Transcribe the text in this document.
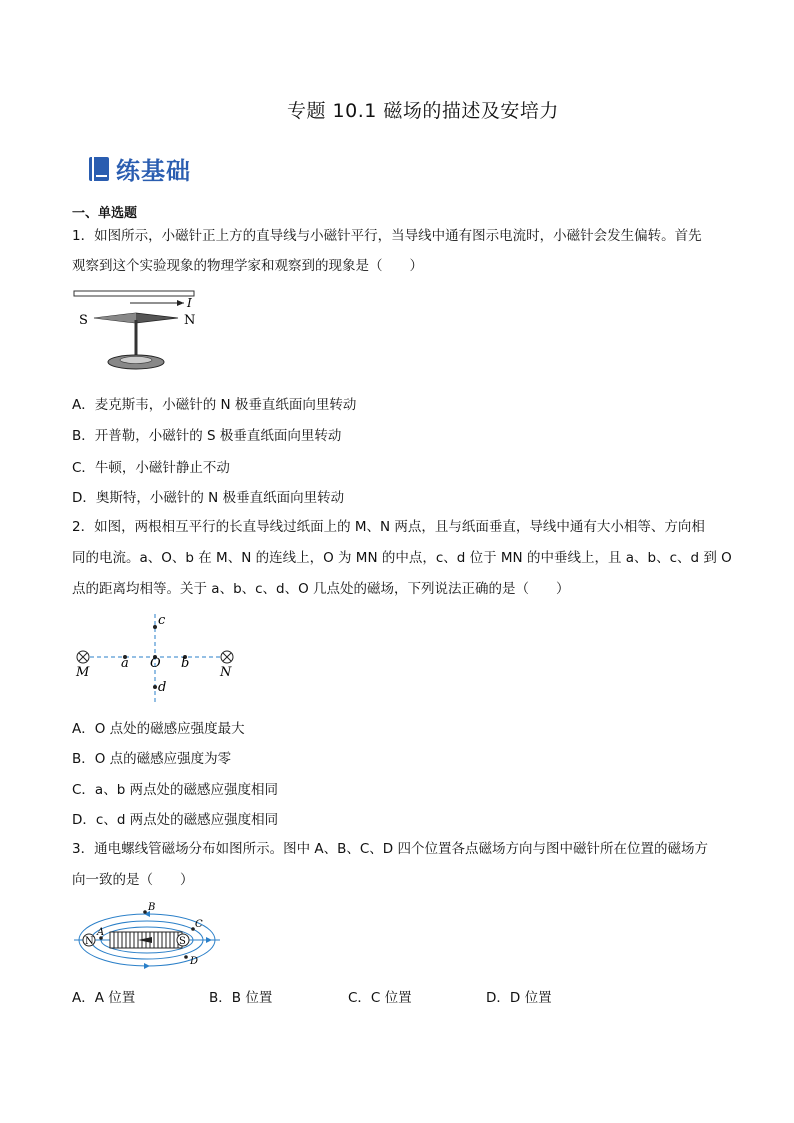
专题 10.1 磁场的描述及安培力
练基础
一、单选题
1．如图所示，小磁针正上方的直导线与小磁针平行，当导线中通有图示电流时，小磁针会发生偏转。首先
观察到这个实验现象的物理学家和观察到的现象是（　　）
I
S	N
A．麦克斯韦，小磁针的 N 极垂直纸面向里转动
B．开普勒，小磁针的 S 极垂直纸面向里转动
C．牛顿，小磁针静止不动
D．奥斯特，小磁针的 N 极垂直纸面向里转动
2．如图，两根相互平行的长直导线过纸面上的 M、N 两点，且与纸面垂直，导线中通有大小相等、方向相
同的电流。a、O、b 在 M、N 的连线上，O 为 MN 的中点，c、d 位于 MN 的中垂线上，且 a、b、c、d 到 O
点的距离均相等。关于 a、b、c、d、O 几点处的磁场，下列说法正确的是（　　）
M	N
a O b
c
d
A．O 点处的磁感应强度最大
B．O 点的磁感应强度为零
C．a、b 两点处的磁感应强度相同
D．c、d 两点处的磁感应强度相同
3．通电螺线管磁场分布如图所示。图中 A、B、C、D 四个位置各点磁场方向与图中磁针所在位置的磁场方
向一致的是（　　）
N	S
A
B
C
D
A．A 位置	B．B 位置	C．C 位置	D．D 位置
